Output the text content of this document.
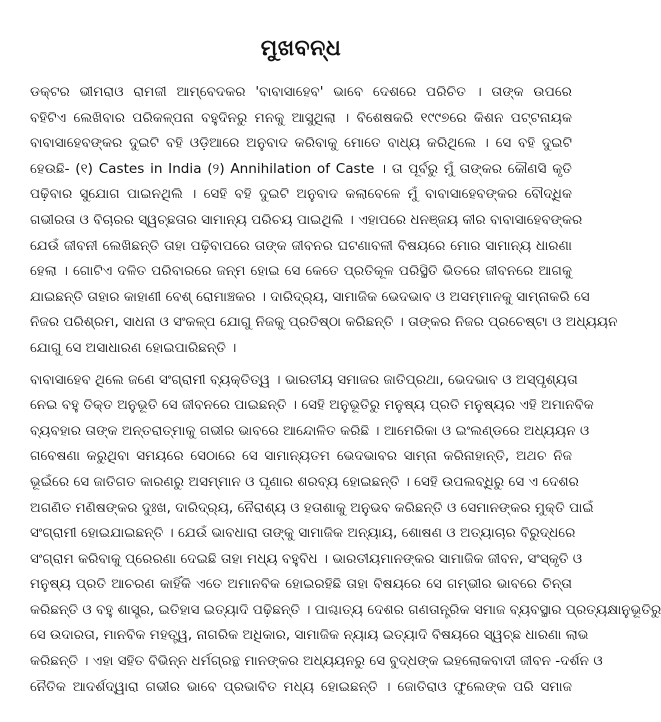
ମୁଖବନ୍ଧ
ଡକ୍ଟର ଭୀମରାଓ ରାମଜୀ ଆମ୍ବେଦକର 'ବାବାସାହେବ' ଭାବେ ଦେଶରେ ପରିଚିତ । ତାଙ୍କ ଉପରେ
ବହିଟିଏ ଲେଖିବାର ପରିକଳ୍ପନା ବହୁଦିନରୁ ମନକୁ ଆସୁଥିଲା । ବିଶେଷକରି ୧୯୯୭ରେ କିଶନ ପଟ୍ଟନାୟକ
ବାବାସାହେବଙ୍କର ଦୁଇଟି ବହି ଓଡ଼ିଆରେ ଅନୁବାଦ କରିବାକୁ ମୋତେ ବାଧ୍ୟ କରିଥିଲେ । ସେ ବହି ଦୁଇଟି
ହେଉଛି- (୧) Castes in India (୨) Annihilation of Caste । ତା ପୂର୍ବରୁ ମୁଁ ତାଙ୍କର କୌଣସି କୃତି
ପଢ଼ିବାର ସୁଯୋଗ ପାଇନଥିଲି । ସେହି ବହି ଦୁଇଟି ଅନୁବାଦ କଲାବେଳେ ମୁଁ ବାବାସାହେବଙ୍କର ବୌଦ୍ଧିକ
ଗଭୀରତା ଓ ବିଚାରର ସ୍ୱଚ୍ଛତାର ସାମାନ୍ୟ ପରିଚୟ ପାଇଥିଲି । ଏହାପରେ ଧନଞ୍ଜୟ କୀର ବାବାସାହେବଙ୍କର
ଯେଉଁ ଜୀବନୀ ଲେଖିଛନ୍ତି ତାହା ପଢ଼ିବାପରେ ତାଙ୍କ ଜୀବନର ଘଟଣାବଳୀ ବିଷୟରେ ମୋର ସାମାନ୍ୟ ଧାରଣା
ହେଲା । ଗୋଟିଏ ଦଳିତ ପରିବାରରେ ଜନ୍ମ ହୋଇ ସେ କେତେ ପ୍ରତିକୂଳ ପରିସ୍ଥିତି ଭିତରେ ଜୀବନରେ ଆଗକୁ
ଯାଇଛନ୍ତି ତାହାର କାହାଣୀ ବେଶ୍ ରୋମାଞ୍ଚକର । ଦାରିଦ୍ର୍ୟ, ସାମାଜିକ ଭେଦଭାବ ଓ ଅସମ୍ମାନକୁ ସାମ୍ନାକରି ସେ
ନିଜର ପରିଶ୍ରମ, ସାଧନା ଓ ସଂକଳ୍ପ ଯୋଗୁ ନିଜକୁ ପ୍ରତିଷ୍ଠା କରିଛନ୍ତି । ତାଙ୍କର ନିଜର ପ୍ରଚେଷ୍ଟା ଓ ଅଧ୍ୟୟନ
ଯୋଗୁ ସେ ଅସାଧାରଣ ହୋଇପାରିଛନ୍ତି ।
ବାବାସାହେବ ଥିଲେ ଜଣେ ସଂଗ୍ରାମୀ ବ୍ୟକ୍ତିତ୍ୱ । ଭାରତୀୟ ସମାଜର ଜାତିପ୍ରଥା, ଭେଦଭାବ ଓ ଅସ୍ପୃଶ୍ୟତା
ନେଇ ବହୁ ତିକ୍ତ ଅନୁଭୂତି ସେ ଜୀବନରେ ପାଇଛନ୍ତି । ସେହି ଅନୁଭୂତିରୁ ମନୁଷ୍ୟ ପ୍ରତି ମନୁଷ୍ୟର ଏହି ଅମାନବିକ
ବ୍ୟବହାର ତାଙ୍କ ଅନ୍ତରାତ୍ମାକୁ ଗଭୀର ଭାବରେ ଆନ୍ଦୋଳିତ କରିଛି । ଆମେରିକା ଓ ଇଂଲଣ୍ଡରେ ଅଧ୍ୟୟନ ଓ
ଗବେଷଣା କରୁଥିବା ସମୟରେ ସେଠାରେ ସେ ସାମାନ୍ୟତମ ଭେଦଭାବର ସାମ୍ନା କରିନାହାନ୍ତି, ଅଥଚ ନିଜ
ଭୂଇଁରେ ସେ ଜାତିଗତ କାରଣରୁ ଅସମ୍ମାନ ଓ ଘୃଣାର ଶରବ୍ୟ ହୋଇଛନ୍ତି । ସେହି ଉପଲବ୍ଧିରୁ ସେ ଏ ଦେଶର
ଅଗଣିତ ମଣିଷଙ୍କର ଦୁଃଖ, ଦାରିଦ୍ର୍ୟ, ନୈରାଶ୍ୟ ଓ ହତାଶାକୁ ଅନୁଭବ କରିଛନ୍ତି ଓ ସେମାନଙ୍କର ମୁକ୍ତି ପାଇଁ
ସଂଗ୍ରାମୀ ହୋଇଯାଇଛନ୍ତି । ଯେଉଁ ଭାବଧାରା ତାଙ୍କୁ ସାମାଜିକ ଅନ୍ୟାୟ, ଶୋଷଣ ଓ ଅତ୍ୟାଚାର ବିରୁଦ୍ଧରେ
ସଂଗ୍ରାମ କରିବାକୁ ପ୍ରେରଣା ଦେଇଛି ତାହା ମଧ୍ୟ ବହୁବିଧ । ଭାରତୀୟମାନଙ୍କର ସାମାଜିକ ଜୀବନ, ସଂସ୍କୃତି ଓ
ମନୁଷ୍ୟ ପ୍ରତି ଆଚରଣ କାହିଁକି ଏତେ ଅମାନବିକ ହୋଇରହିଛି ତାହା ବିଷୟରେ ସେ ଗମ୍ଭୀର ଭାବରେ ଚିନ୍ତା
କରିଛନ୍ତି ଓ ବହୁ ଶାସ୍ତ୍ର, ଇତିହାସ ଇତ୍ୟାଦି ପଢ଼ିଛନ୍ତି । ପାଶ୍ଚାତ୍ୟ ଦେଶର ଗଣତାନ୍ତ୍ରିକ ସମାଜ ବ୍ୟବସ୍ଥାର ପ୍ରତ୍ୟକ୍ଷାନୁଭୂତିରୁ
ସେ ଉଦାରତା, ମାନବିକ ମହତ୍ତ୍ୱ, ନାଗରିକ ଅଧିକାର, ସାମାଜିକ ନ୍ୟାୟ ଇତ୍ୟାଦି ବିଷୟରେ ସ୍ୱଚ୍ଛ ଧାରଣା ଲାଭ
କରିଛନ୍ତି । ଏହା ସହିତ ବିଭିନ୍ନ ଧର୍ମଗ୍ରନ୍ଥ ମାନଙ୍କର ଅଧ୍ୟୟନରୁ ସେ ବୁଦ୍ଧଙ୍କ ଇହଲୋକବାଦୀ ଜୀବନ -ଦର୍ଶନ ଓ
ନୈତିକ ଆଦର୍ଶଦ୍ୱାରା ଗଭୀର ଭାବେ ପ୍ରଭାବିତ ମଧ୍ୟ ହୋଇଛନ୍ତି । ଜୋତିରାଓ ଫୁଲେଙ୍କ ପରି ସମାଜ
